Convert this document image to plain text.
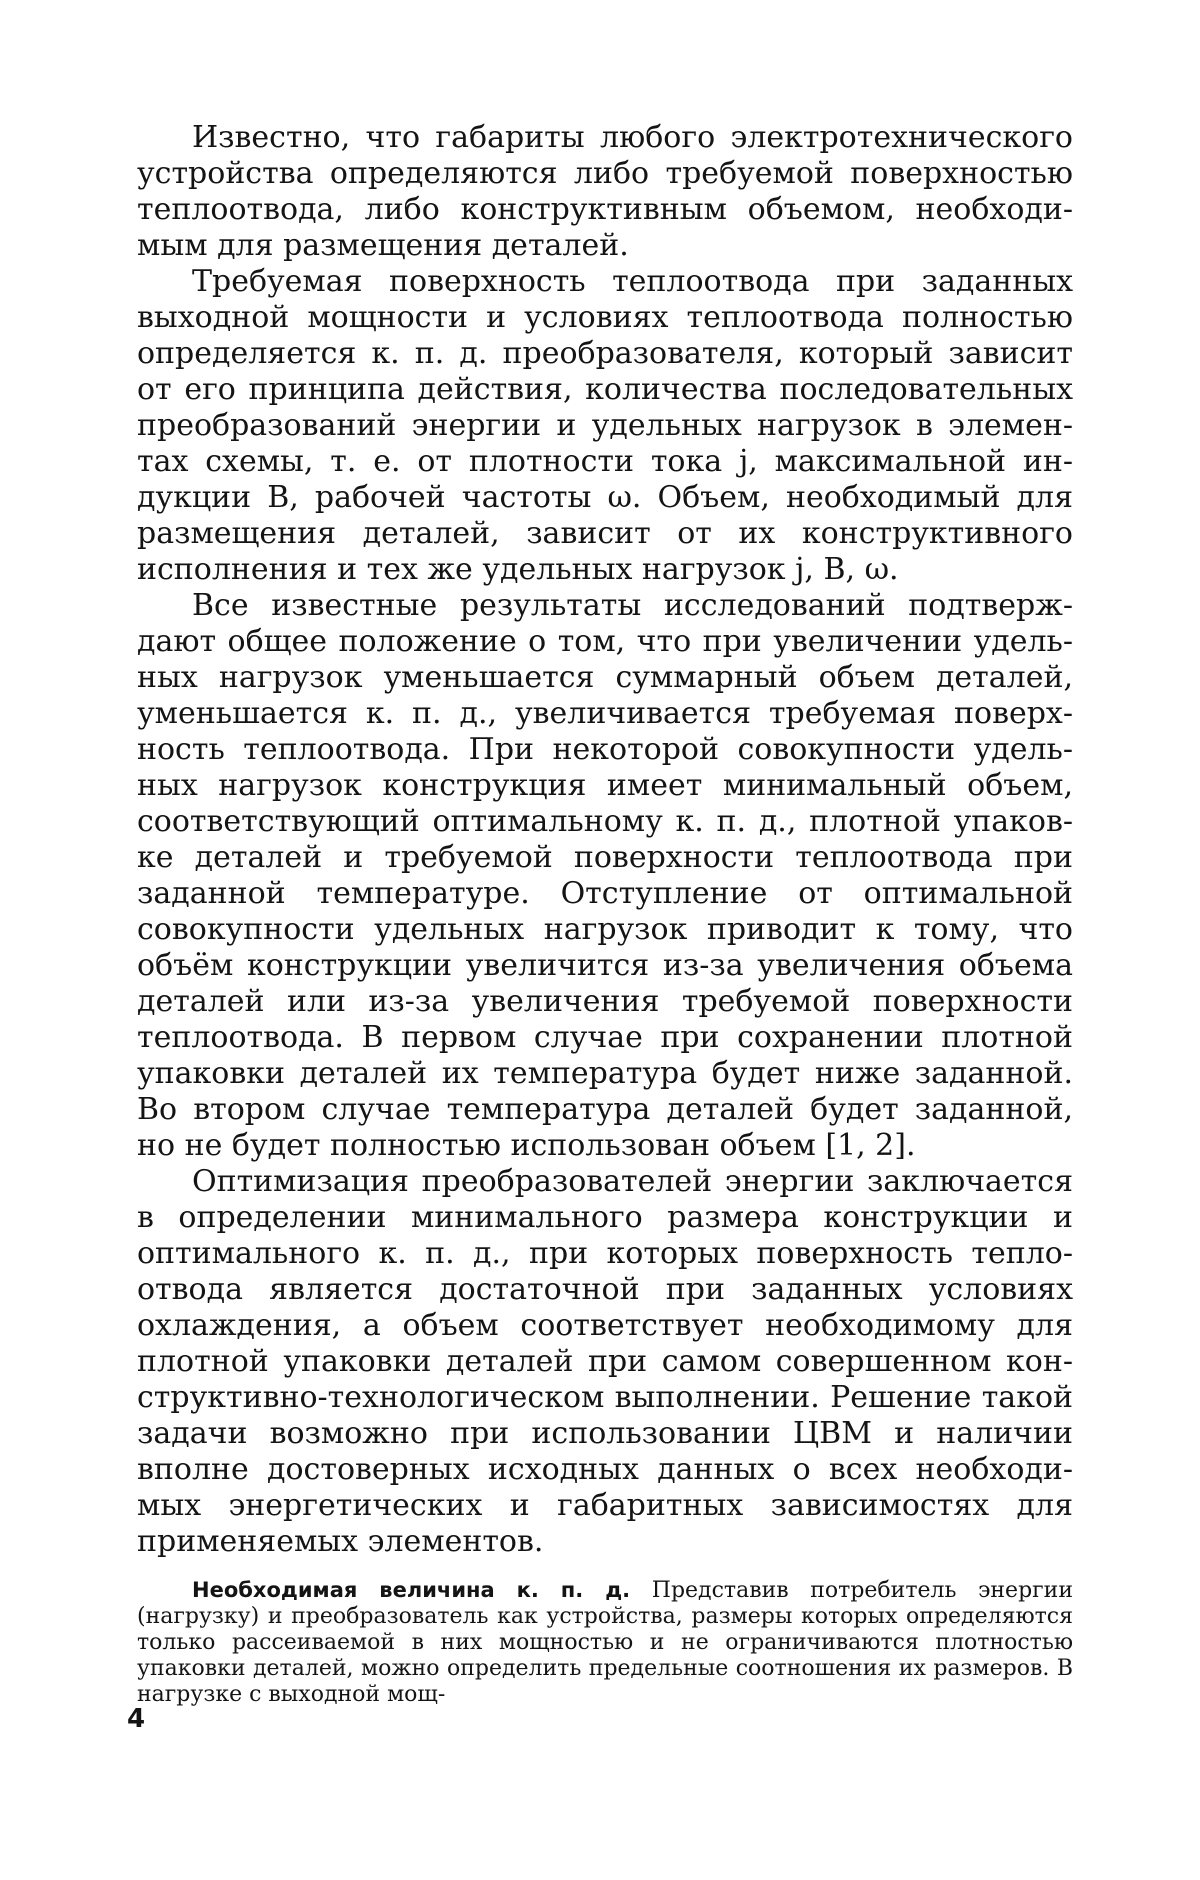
Известно, что габариты любого электротехнического устройства определяются либо требуемой поверхностью теплоотвода, либо конструктивным объемом, необходимым для размещения деталей.

Требуемая поверхность теплоотвода при заданных выходной мощности и условиях теплоотвода полностью определяется к. п. д. преобразователя, который зависит от его принципа действия, количества последовательных преобразований энергии и удельных нагрузок в элементах схемы, т. е. от плотности тока j, максимальной индукции B, рабочей частоты ω. Объем, необходимый для размещения деталей, зависит от их конструктивного исполнения и тех же удельных нагрузок j, B, ω.

Все известные результаты исследований подтверждают общее положение о том, что при увеличении удельных нагрузок уменьшается суммарный объем деталей, уменьшается к. п. д., увеличивается требуемая поверхность теплоотвода. При некоторой совокупности удельных нагрузок конструкция имеет минимальный объем, соответствующий оптимальному к. п. д., плотной упаковке деталей и требуемой поверхности теплоотвода при заданной температуре. Отступление от оптимальной совокупности удельных нагрузок приводит к тому, что объём конструкции увеличится из-за увеличения объема деталей или из-за увеличения требуемой поверхности теплоотвода. В первом случае при сохранении плотной упаковки деталей их температура будет ниже заданной. Во втором случае температура деталей будет заданной, но не будет полностью использован объем [1, 2].

Оптимизация преобразователей энергии заключается в определении минимального размера конструкции и оптимального к. п. д., при которых поверхность теплоотвода является достаточной при заданных условиях охлаждения, а объем соответствует необходимому для плотной упаковки деталей при самом совершенном конструктивно-технологическом выполнении. Решение такой задачи возможно при использовании ЦВМ и наличии вполне достоверных исходных данных о всех необходимых энергетических и габаритных зависимостях для применяемых элементов.

Необходимая величина к. п. д. Представив потребитель энергии (нагрузку) и преобразователь как устройства, размеры которых определяются только рассеиваемой в них мощностью и не ограничиваются плотностью упаковки деталей, можно определить предельные соотношения их размеров. В нагрузке с выходной мощ-

4
